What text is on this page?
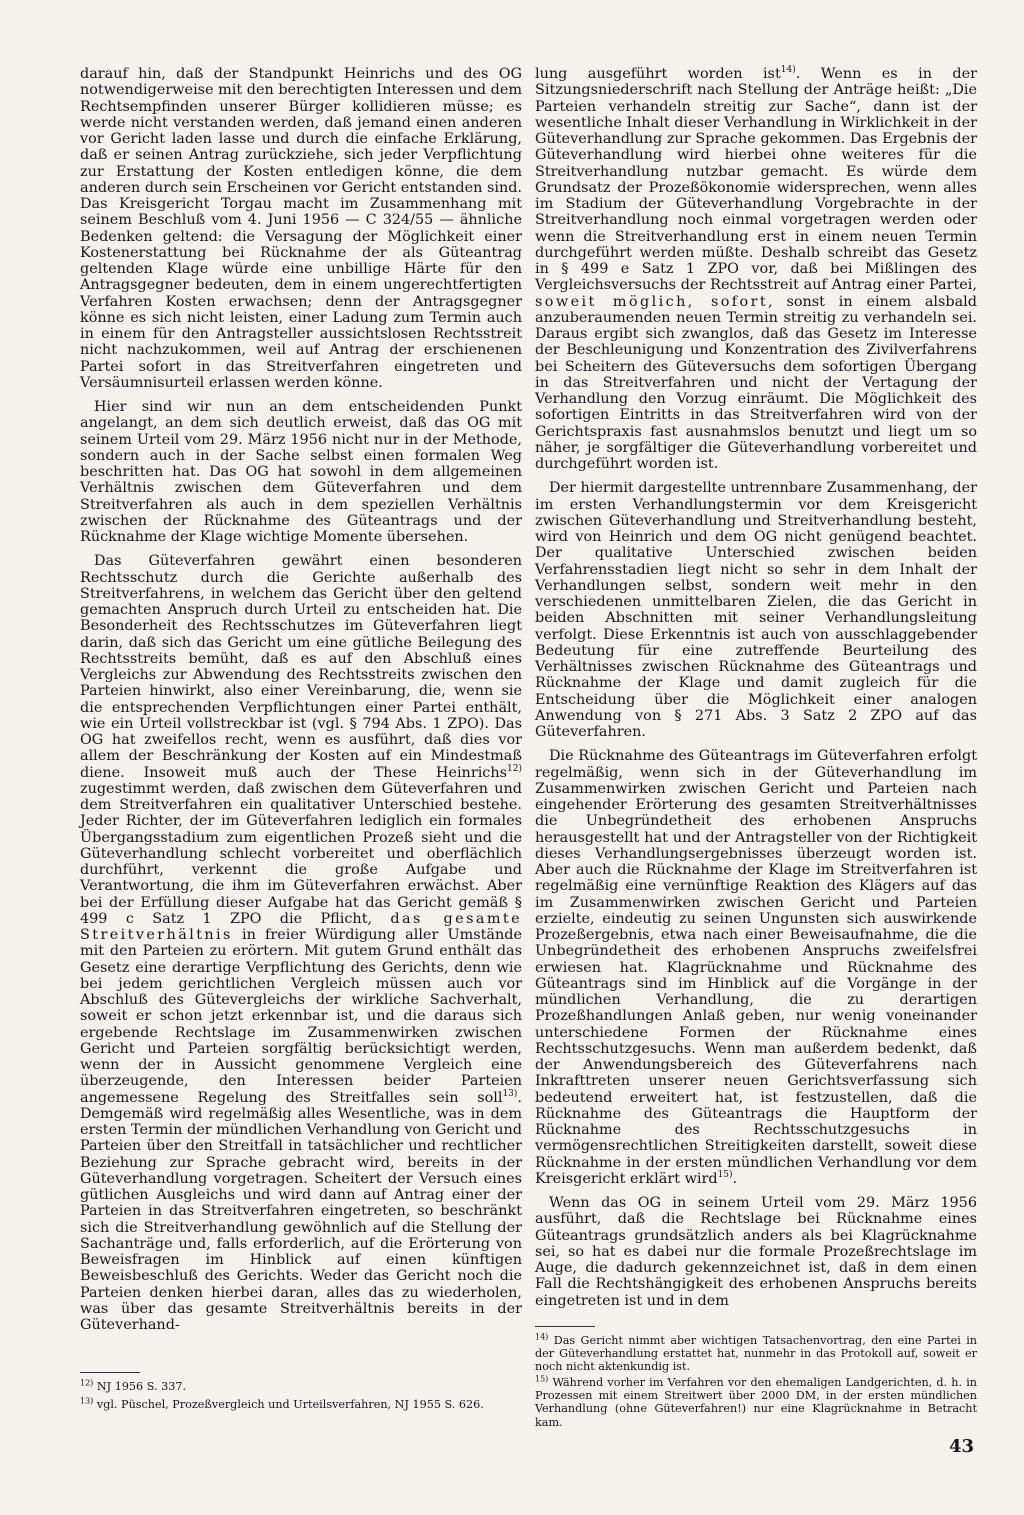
darauf hin, daß der Standpunkt Heinrichs und des OG notwendigerweise mit den berechtigten Interessen und dem Rechtsempfinden unserer Bürger kollidieren müsse; es werde nicht verstanden werden, daß jemand einen anderen vor Gericht laden lasse und durch die einfache Erklärung, daß er seinen Antrag zurückziehe, sich jeder Verpflichtung zur Erstattung der Kosten entledigen könne, die dem anderen durch sein Erscheinen vor Gericht entstanden sind. Das Kreisgericht Torgau macht im Zusammenhang mit seinem Beschluß vom 4. Juni 1956 — C 324/55 — ähnliche Bedenken geltend: die Versagung der Möglichkeit einer Kostenerstattung bei Rücknahme der als Güteantrag geltenden Klage würde eine unbillige Härte für den Antragsgegner bedeuten, dem in einem ungerechtfertigten Verfahren Kosten erwachsen; denn der Antragsgegner könne es sich nicht leisten, einer Ladung zum Termin auch in einem für den Antragsteller aussichtslosen Rechtsstreit nicht nachzukommen, weil auf Antrag der erschienenen Partei sofort in das Streitverfahren eingetreten und Versäumnisurteil erlassen werden könne.

Hier sind wir nun an dem entscheidenden Punkt angelangt, an dem sich deutlich erweist, daß das OG mit seinem Urteil vom 29. März 1956 nicht nur in der Methode, sondern auch in der Sache selbst einen formalen Weg beschritten hat. Das OG hat sowohl in dem allgemeinen Verhältnis zwischen dem Güteverfahren und dem Streitverfahren als auch in dem speziellen Verhältnis zwischen der Rücknahme des Güteantrags und der Rücknahme der Klage wichtige Momente übersehen.

Das Güteverfahren gewährt einen besonderen Rechtsschutz durch die Gerichte außerhalb des Streitverfahrens, in welchem das Gericht über den geltend gemachten Anspruch durch Urteil zu entscheiden hat. Die Besonderheit des Rechtsschutzes im Güteverfahren liegt darin, daß sich das Gericht um eine gütliche Beilegung des Rechtsstreits bemüht, daß es auf den Abschluß eines Vergleichs zur Abwendung des Rechtsstreits zwischen den Parteien hinwirkt, also einer Vereinbarung, die, wenn sie die entsprechenden Verpflichtungen einer Partei enthält, wie ein Urteil vollstreckbar ist (vgl. § 794 Abs. 1 ZPO). Das OG hat zweifellos recht, wenn es ausführt, daß dies vor allem der Beschränkung der Kosten auf ein Mindestmaß diene. Insoweit muß auch der These Heinrichs$^{12)}$ zugestimmt werden, daß zwischen dem Güteverfahren und dem Streitverfahren ein qualitativer Unterschied bestehe. Jeder Richter, der im Güteverfahren lediglich ein formales Übergangsstadium zum eigentlichen Prozeß sieht und die Güteverhandlung schlecht vorbereitet und oberflächlich durchführt, verkennt die große Aufgabe und Verantwortung, die ihm im Güteverfahren erwächst. Aber bei der Erfüllung dieser Aufgabe hat das Gericht gemäß § 499 c Satz 1 ZPO die Pflicht, das gesamte Streitverhältnis in freier Würdigung aller Umstände mit den Parteien zu erörtern. Mit gutem Grund enthält das Gesetz eine derartige Verpflichtung des Gerichts, denn wie bei jedem gerichtlichen Vergleich müssen auch vor Abschluß des Gütevergleichs der wirkliche Sachverhalt, soweit er schon jetzt erkennbar ist, und die daraus sich ergebende Rechtslage im Zusammenwirken zwischen Gericht und Parteien sorgfältig berücksichtigt werden, wenn der in Aussicht genommene Vergleich eine überzeugende, den Interessen beider Parteien angemessene Regelung des Streitfalles sein soll$^{13)}$. Demgemäß wird regelmäßig alles Wesentliche, was in dem ersten Termin der mündlichen Verhandlung von Gericht und Parteien über den Streitfall in tatsächlicher und rechtlicher Beziehung zur Sprache gebracht wird, bereits in der Güteverhandlung vorgetragen. Scheitert der Versuch eines gütlichen Ausgleichs und wird dann auf Antrag einer der Parteien in das Streitverfahren eingetreten, so beschränkt sich die Streitverhandlung gewöhnlich auf die Stellung der Sachanträge und, falls erforderlich, auf die Erörterung von Beweisfragen im Hinblick auf einen künftigen Beweisbeschluß des Gerichts. Weder das Gericht noch die Parteien denken hierbei daran, alles das zu wiederholen, was über das gesamte Streitverhältnis bereits in der Güteverhand-

$^{12)}$ NJ 1956 S. 337.

$^{13)}$ vgl. Püschel, Prozeßvergleich und Urteilsverfahren, NJ 1955 S. 626.

lung ausgeführt worden ist$^{14)}$. Wenn es in der Sitzungsniederschrift nach Stellung der Anträge heißt: „Die Parteien verhandeln streitig zur Sache“, dann ist der wesentliche Inhalt dieser Verhandlung in Wirklichkeit in der Güteverhandlung zur Sprache gekommen. Das Ergebnis der Güteverhandlung wird hierbei ohne weiteres für die Streitverhandlung nutzbar gemacht. Es würde dem Grundsatz der Prozeßökonomie widersprechen, wenn alles im Stadium der Güteverhandlung Vorgebrachte in der Streitverhandlung noch einmal vorgetragen werden oder wenn die Streitverhandlung erst in einem neuen Termin durchgeführt werden müßte. Deshalb schreibt das Gesetz in § 499 e Satz 1 ZPO vor, daß bei Mißlingen des Vergleichsversuchs der Rechtsstreit auf Antrag einer Partei, soweit möglich, sofort, sonst in einem alsbald anzuberaumenden neuen Termin streitig zu verhandeln sei. Daraus ergibt sich zwanglos, daß das Gesetz im Interesse der Beschleunigung und Konzentration des Zivilverfahrens bei Scheitern des Güteversuchs dem sofortigen Übergang in das Streitverfahren und nicht der Vertagung der Verhandlung den Vorzug einräumt. Die Möglichkeit des sofortigen Eintritts in das Streitverfahren wird von der Gerichtspraxis fast ausnahmslos benutzt und liegt um so näher, je sorgfältiger die Güteverhandlung vorbereitet und durchgeführt worden ist.

Der hiermit dargestellte untrennbare Zusammenhang, der im ersten Verhandlungstermin vor dem Kreisgericht zwischen Güteverhandlung und Streitverhandlung besteht, wird von Heinrich und dem OG nicht genügend beachtet. Der qualitative Unterschied zwischen beiden Verfahrensstadien liegt nicht so sehr in dem Inhalt der Verhandlungen selbst, sondern weit mehr in den verschiedenen unmittelbaren Zielen, die das Gericht in beiden Abschnitten mit seiner Verhandlungsleitung verfolgt. Diese Erkenntnis ist auch von ausschlaggebender Bedeutung für eine zutreffende Beurteilung des Verhältnisses zwischen Rücknahme des Güteantrags und Rücknahme der Klage und damit zugleich für die Entscheidung über die Möglichkeit einer analogen Anwendung von § 271 Abs. 3 Satz 2 ZPO auf das Güteverfahren.

Die Rücknahme des Güteantrags im Güteverfahren erfolgt regelmäßig, wenn sich in der Güteverhandlung im Zusammenwirken zwischen Gericht und Parteien nach eingehender Erörterung des gesamten Streitverhältnisses die Unbegründetheit des erhobenen Anspruchs herausgestellt hat und der Antragsteller von der Richtigkeit dieses Verhandlungsergebnisses überzeugt worden ist. Aber auch die Rücknahme der Klage im Streitverfahren ist regelmäßig eine vernünftige Reaktion des Klägers auf das im Zusammenwirken zwischen Gericht und Parteien erzielte, eindeutig zu seinen Ungunsten sich auswirkende Prozeßergebnis, etwa nach einer Beweisaufnahme, die die Unbegründetheit des erhobenen Anspruchs zweifelsfrei erwiesen hat. Klagrücknahme und Rücknahme des Güteantrags sind im Hinblick auf die Vorgänge in der mündlichen Verhandlung, die zu derartigen Prozeßhandlungen Anlaß geben, nur wenig voneinander unterschiedene Formen der Rücknahme eines Rechtsschutzgesuchs. Wenn man außerdem bedenkt, daß der Anwendungsbereich des Güteverfahrens nach Inkrafttreten unserer neuen Gerichtsverfassung sich bedeutend erweitert hat, ist festzustellen, daß die Rücknahme des Güteantrags die Hauptform der Rücknahme des Rechtsschutzgesuchs in vermögensrechtlichen Streitigkeiten darstellt, soweit diese Rücknahme in der ersten mündlichen Verhandlung vor dem Kreisgericht erklärt wird$^{15)}$.

Wenn das OG in seinem Urteil vom 29. März 1956 ausführt, daß die Rechtslage bei Rücknahme eines Güteantrags grundsätzlich anders als bei Klagrücknahme sei, so hat es dabei nur die formale Prozeßrechtslage im Auge, die dadurch gekennzeichnet ist, daß in dem einen Fall die Rechtshängigkeit des erhobenen Anspruchs bereits eingetreten ist und in dem

$^{14)}$ Das Gericht nimmt aber wichtigen Tatsachenvortrag, den eine Partei in der Güteverhandlung erstattet hat, nunmehr in das Protokoll auf, soweit er noch nicht aktenkundig ist.

$^{15)}$ Während vorher im Verfahren vor den ehemaligen Landgerichten, d. h. in Prozessen mit einem Streitwert über 2000 DM, in der ersten mündlichen Verhandlung (ohne Güteverfahren!) nur eine Klagrücknahme in Betracht kam.

43
